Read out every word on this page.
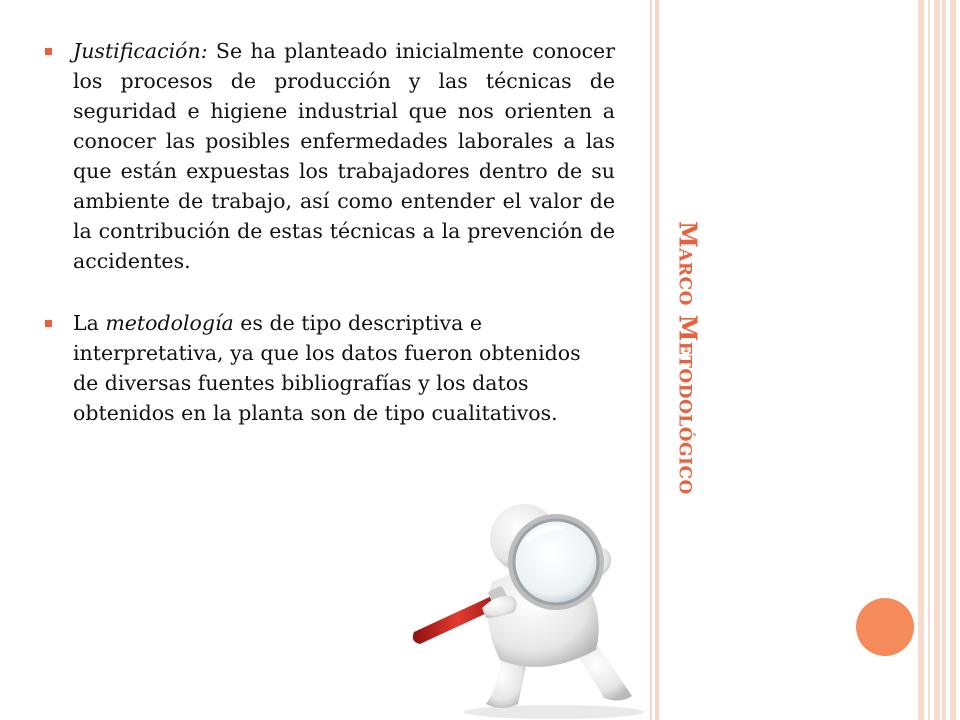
Marco Metodológico
Justificación: Se ha planteado inicialmente conocer los procesos de producción y las técnicas de seguridad e higiene industrial que nos orienten a conocer las posibles enfermedades laborales a las que están expuestas los trabajadores dentro de su ambiente de trabajo, así como entender el valor de la contribución de estas técnicas a la prevención de accidentes.
La metodología es de tipo descriptiva e interpretativa, ya que los datos fueron obtenidos de diversas fuentes bibliografías y los datos obtenidos en la planta son de tipo cualitativos.
